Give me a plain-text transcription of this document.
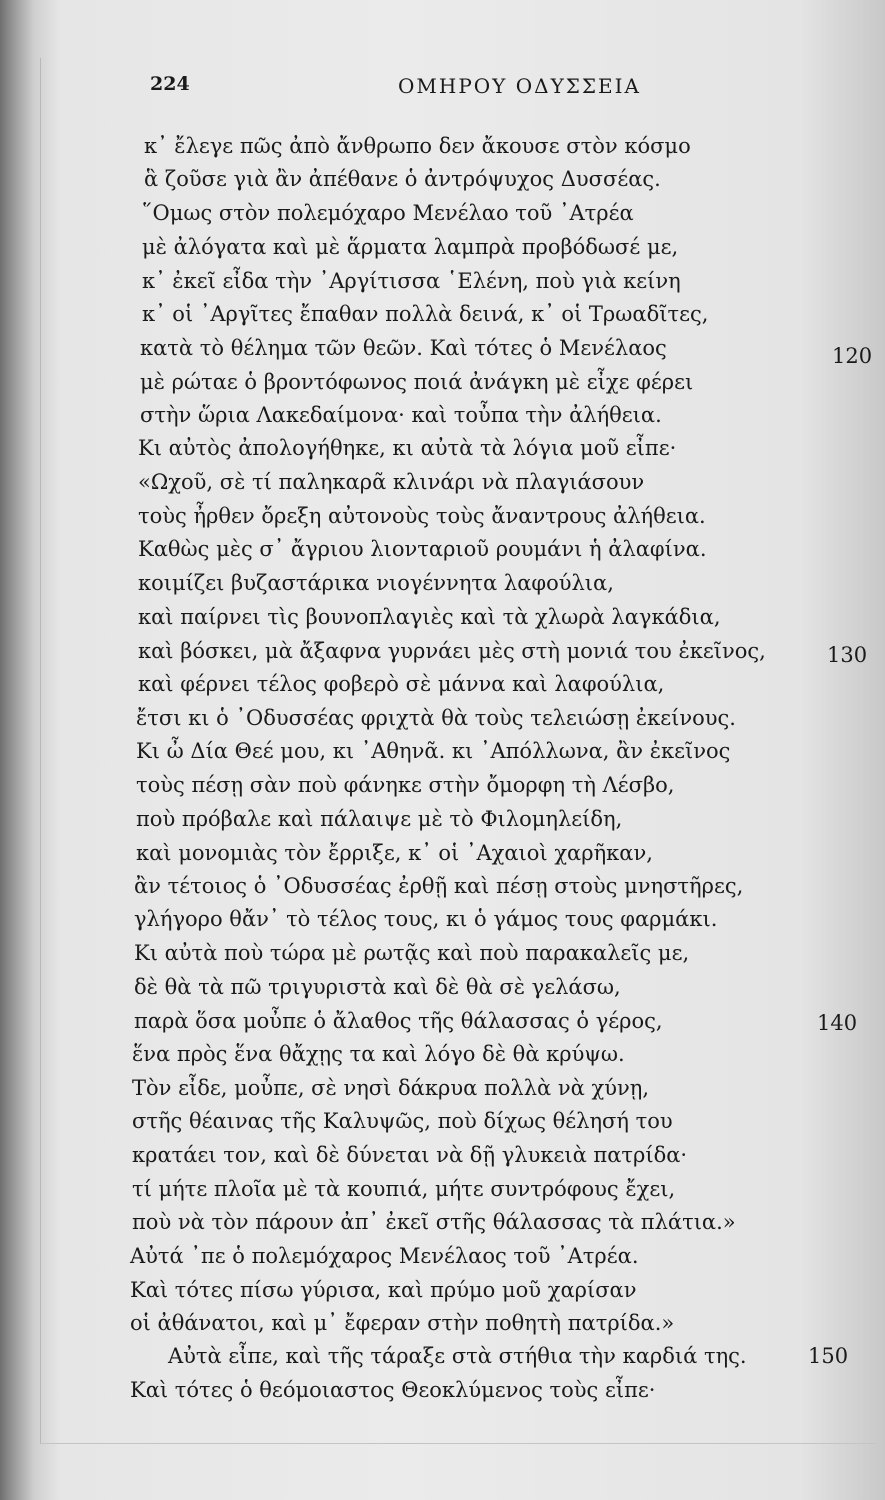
224	ΟΜΗΡΟΥ ΟΔΥΣΣΕΙΑ
κ᾿ ἔλεγε πῶς ἀπὸ ἄνθρωπο δεν ἄκουσε στὸν κόσμο
ἃ ζοῦσε γιὰ ἂν ἀπέθανε ὁ ἀντρόψυχος Δυσσέας.
῞Ομως στὸν πολεμόχαρο Μενέλαο τοῦ ᾿Ατρέα
μὲ ἀλόγατα καὶ μὲ ἅρματα λαμπρὰ προβόδωσέ με,
κ᾿ ἐκεῖ εἶδα τὴν ᾿Αργίτισσα ῾Ελένη, ποὺ γιὰ κείνη
κ᾿ οἱ ᾿Αργῖτες ἔπαθαν πολλὰ δεινά, κ᾿ οἱ Τρωαδῖτες,
κατὰ τὸ θέλημα τῶν θεῶν. Καὶ τότες ὁ Μενέλαος
μὲ ρώταε ὁ βροντόφωνος ποιά ἀνάγκη μὲ εἶχε φέρει
στὴν ὥρια Λακεδαίμονα· καὶ τοὖπα τὴν ἀλήθεια.
Κι αὐτὸς ἀπολογήθηκε, κι αὐτὰ τὰ λόγια μοῦ εἶπε·
«Ωχοῦ, σὲ τί παληκαρᾶ κλινάρι νὰ πλαγιάσουν
τοὺς ἦρθεν ὄρεξη αὐτονοὺς τοὺς ἄναντρους ἀλήθεια.
Καθὼς μὲς σ᾿ ἄγριου λιονταριοῦ ρουμάνι ἡ ἀλαφίνα.
κοιμίζει βυζαστάρικα νιογέννητα λαφούλια,
καὶ παίρνει τὶς βουνοπλαγιὲς καὶ τὰ χλωρὰ λαγκάδια,
καὶ βόσκει, μὰ ἄξαφνα γυρνάει μὲς στὴ μονιά του ἐκεῖνος,
καὶ φέρνει τέλος φοβερὸ σὲ μάννα καὶ λαφούλια,
ἔτσι κι ὁ ᾿Οδυσσέας φριχτὰ θὰ τοὺς τελειώσῃ ἐκείνους.
Κι ὦ Δία Θεέ μου, κι ᾿Αθηνᾶ. κι ᾿Απόλλωνα, ἂν ἐκεῖνος
τοὺς πέσῃ σὰν ποὺ φάνηκε στὴν ὄμορφη τὴ Λέσβο,
ποὺ πρόβαλε καὶ πάλαιψε μὲ τὸ Φιλομηλείδη,
καὶ μονομιὰς τὸν ἔρριξε, κ᾿ οἱ ᾿Αχαιοὶ χαρῆκαν,
ἂν τέτοιος ὁ ᾿Οδυσσέας ἐρθῇ καὶ πέσῃ στοὺς μνηστῆρες,
γλήγορο θἄν᾿ τὸ τέλος τους, κι ὁ γάμος τους φαρμάκι.
Κι αὐτὰ ποὺ τώρα μὲ ρωτᾷς καὶ ποὺ παρακαλεῖς με,
δὲ θὰ τὰ πῶ τριγυριστὰ καὶ δὲ θὰ σὲ γελάσω,
παρὰ ὅσα μοὖπε ὁ ἄλαθος τῆς θάλασσας ὁ γέρος,
ἕνα πρὸς ἕνα θἄχῃς τα καὶ λόγο δὲ θὰ κρύψω.
Τὸν εἶδε, μοὖπε, σὲ νησὶ δάκρυα πολλὰ νὰ χύνῃ,
στῆς θέαινας τῆς Καλυψῶς, ποὺ δίχως θέλησή του
κρατάει τον, καὶ δὲ δύνεται νὰ δῇ γλυκειὰ πατρίδα·
τί μήτε πλοῖα μὲ τὰ κουπιά, μήτε συντρόφους ἔχει,
ποὺ νὰ τὸν πάρουν ἀπ᾿ ἐκεῖ στῆς θάλασσας τὰ πλάτια.»
Αὐτά ᾿πε ὁ πολεμόχαρος Μενέλαος τοῦ ᾿Ατρέα.
Καὶ τότες πίσω γύρισα, καὶ πρύμο μοῦ χαρίσαν
οἱ ἀθάνατοι, καὶ μ᾿ ἔφεραν στὴν ποθητὴ πατρίδα.»
Αὐτὰ εἶπε, καὶ τῆς τάραξε στὰ στήθια τὴν καρδιά της.
Καὶ τότες ὁ θεόμοιαστος Θεοκλύμενος τοὺς εἶπε·
120
130
140
150
